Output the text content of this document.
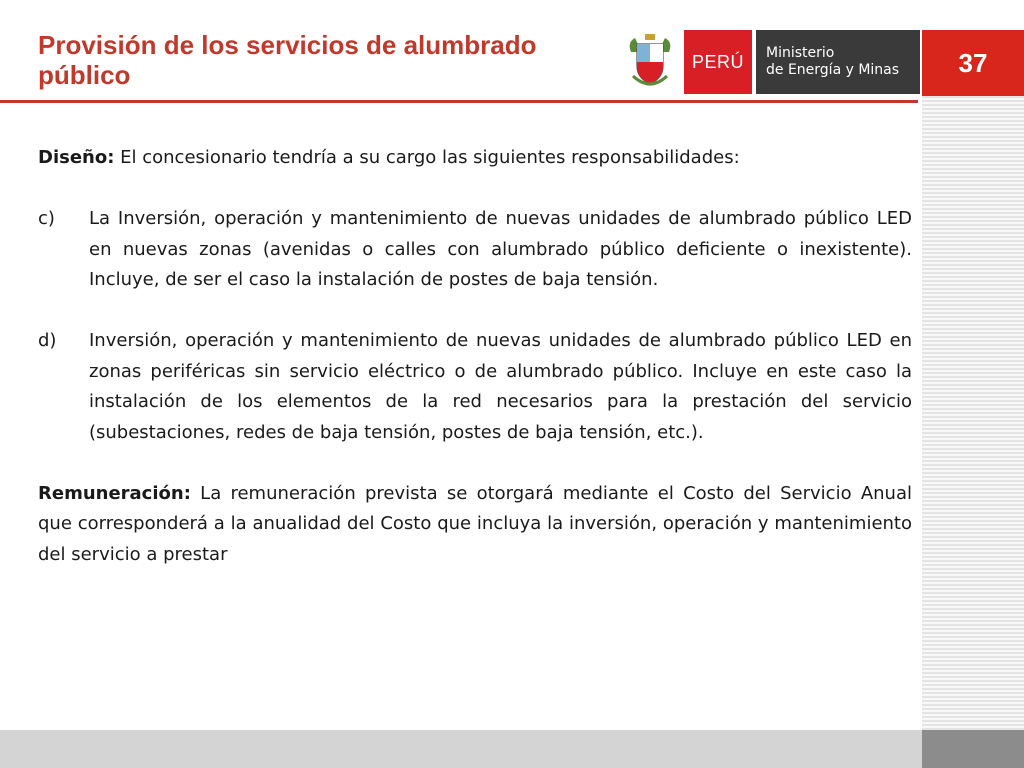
Provisión de los servicios de alumbrado público	PERÚ	Ministerio
de Energía y Minas	37

Diseño: El concesionario tendría a su cargo las siguientes responsabilidades:

c)	La Inversión, operación y mantenimiento de nuevas unidades de alumbrado público LED en nuevas zonas (avenidas o calles con alumbrado público deficiente o inexistente). Incluye, de ser el caso la instalación de postes de baja tensión.
d)	Inversión, operación y mantenimiento de nuevas unidades de alumbrado público LED en zonas periféricas sin servicio eléctrico o de alumbrado público. Incluye en este caso la instalación de los elementos de la red necesarios para la prestación del servicio (subestaciones, redes de baja tensión, postes de baja tensión, etc.).

Remuneración: La remuneración prevista se otorgará mediante el Costo del Servicio Anual que corresponderá a la anualidad del Costo que incluya la inversión, operación y mantenimiento del servicio a prestar
